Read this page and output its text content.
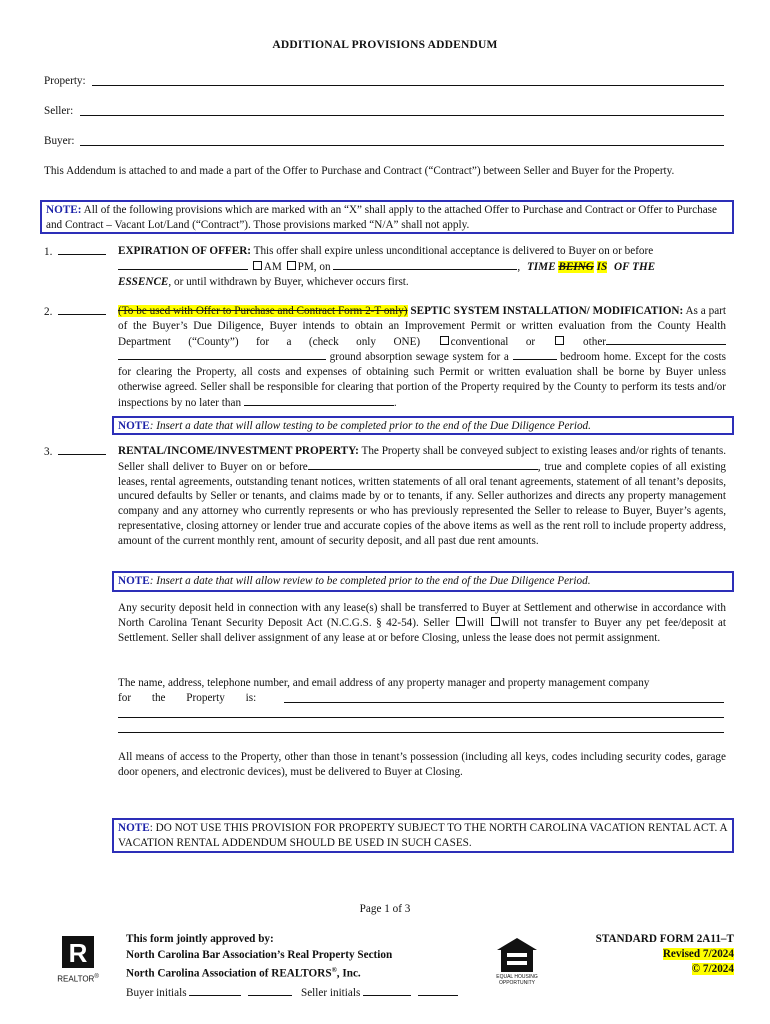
ADDITIONAL PROVISIONS ADDENDUM
Property:
Seller:
Buyer:
This Addendum is attached to and made a part of the Offer to Purchase and Contract (“Contract”) between Seller and Buyer for the Property.
NOTE: All of the following provisions which are marked with an “X” shall apply to the attached Offer to Purchase and Contract or Offer to Purchase and Contract – Vacant Lot/Land (“Contract”). Those provisions marked “N/A” shall not apply.
1.	EXPIRATION OF OFFER: This offer shall expire unless unconditional acceptance is delivered to Buyer on or before
AM PM, on	, TIME BEING IS OF THE
ESSENCE, or until withdrawn by Buyer, whichever occurs first.
2.	(To be used with Offer to Purchase and Contract Form 2-T only) SEPTIC SYSTEM INSTALLATION/ MODIFICATION: As a part of the Buyer’s Due Diligence, Buyer intends to obtain an Improvement Permit or written evaluation from the County Health Department (“County”) for a (check only ONE)	conventional or	other  ground absorption sewage system for a	bedroom home. Except for the costs for clearing the Property, all costs and expenses of obtaining such Permit or written evaluation shall be borne by Buyer unless otherwise agreed. Seller shall be responsible for clearing that portion of the Property required by the County to perform its tests and/or inspections by no later than	.
NOTE: Insert a date that will allow testing to be completed prior to the end of the Due Diligence Period.
3.	RENTAL/INCOME/INVESTMENT PROPERTY: The Property shall be conveyed subject to existing leases and/or rights of tenants. Seller shall deliver to Buyer on or before	, true and complete copies of all existing leases, rental agreements, outstanding tenant notices, written statements of all oral tenant agreements, statement of all tenant’s deposits, uncured defaults by Seller or tenants, and claims made by or to tenants, if any. Seller authorizes and directs any property management company and any attorney who currently represents or who has previously represented the Seller to release to Buyer, Buyer’s agents, representative, closing attorney or lender true and accurate copies of the above items as well as the rent roll to include property address, amount of the current monthly rent, amount of security deposit, and all past due rent amounts.
NOTE: Insert a date that will allow review to be completed prior to the end of the Due Diligence Period.
Any security deposit held in connection with any lease(s) shall be transferred to Buyer at Settlement and otherwise in accordance with North Carolina Tenant Security Deposit Act (N.C.G.S. § 42-54). Seller will will not transfer to Buyer any pet fee/deposit at Settlement. Seller shall deliver assignment of any lease at or before Closing, unless the lease does not permit assignment.
The name, address, telephone number, and email address of any property manager and property management company
for the Property is:
All means of access to the Property, other than those in tenant’s possession (including all keys, codes including security codes, garage door openers, and electronic devices), must be delivered to Buyer at Closing.
NOTE: DO NOT USE THIS PROVISION FOR PROPERTY SUBJECT TO THE NORTH CAROLINA VACATION RENTAL ACT. A VACATION RENTAL ADDENDUM SHOULD BE USED IN SUCH CASES.
Page 1 of 3
R
REALTOR®
This form jointly approved by:
North Carolina Bar Association’s Real Property Section
North Carolina Association of REALTORS®, Inc.
Buyer initials	Seller initials
EQUAL HOUSING OPPORTUNITY
STANDARD FORM 2A11–T
Revised 7/2024
© 7/2024
